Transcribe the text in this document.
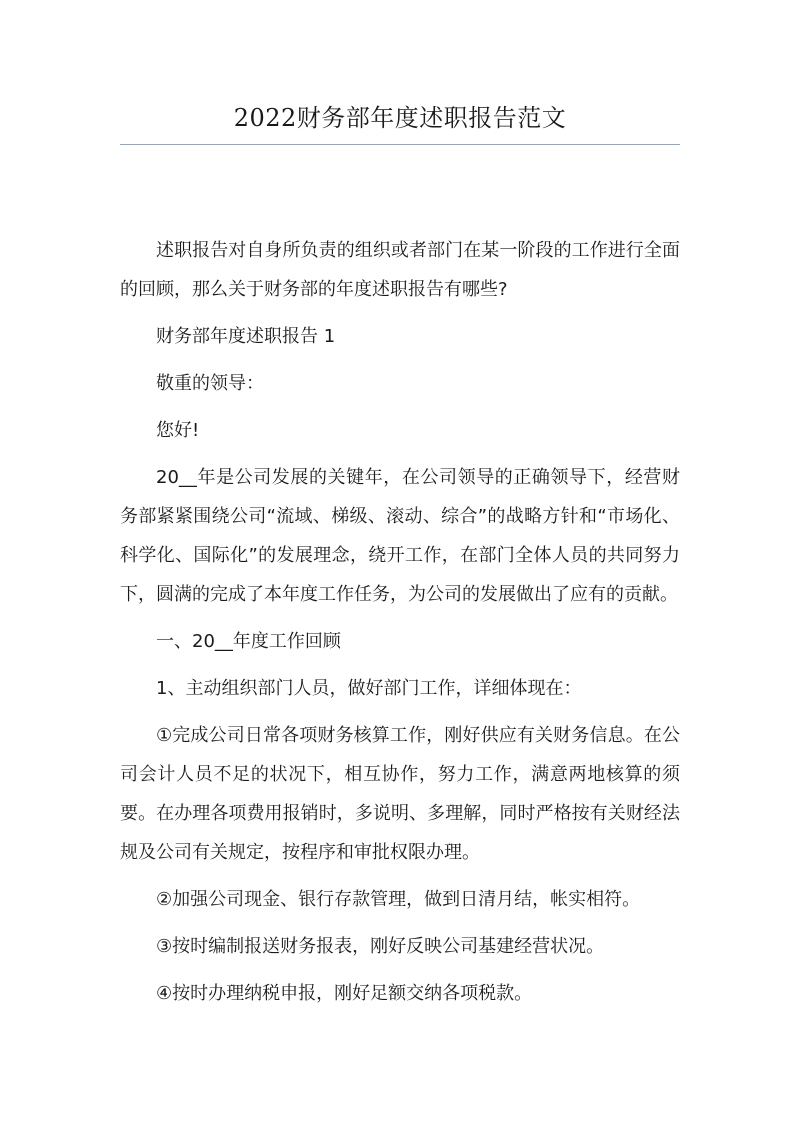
2022财务部年度述职报告范文

述职报告对自身所负责的组织或者部门在某一阶段的工作进行全面的回顾，那么关于财务部的年度述职报告有哪些?

财务部年度述职报告 1

敬重的领导：

您好!

20__年是公司发展的关键年，在公司领导的正确领导下，经营财务部紧紧围绕公司“流域、梯级、滚动、综合”的战略方针和“市场化、科学化、国际化”的发展理念，绕开工作，在部门全体人员的共同努力下，圆满的完成了本年度工作任务，为公司的发展做出了应有的贡献。

一、20__年度工作回顾

1、主动组织部门人员，做好部门工作，详细体现在：

①完成公司日常各项财务核算工作，刚好供应有关财务信息。在公司会计人员不足的状况下，相互协作，努力工作，满意两地核算的须要。在办理各项费用报销时，多说明、多理解，同时严格按有关财经法规及公司有关规定，按程序和审批权限办理。

②加强公司现金、银行存款管理，做到日清月结，帐实相符。

③按时编制报送财务报表，刚好反映公司基建经营状况。

④按时办理纳税申报，刚好足额交纳各项税款。
